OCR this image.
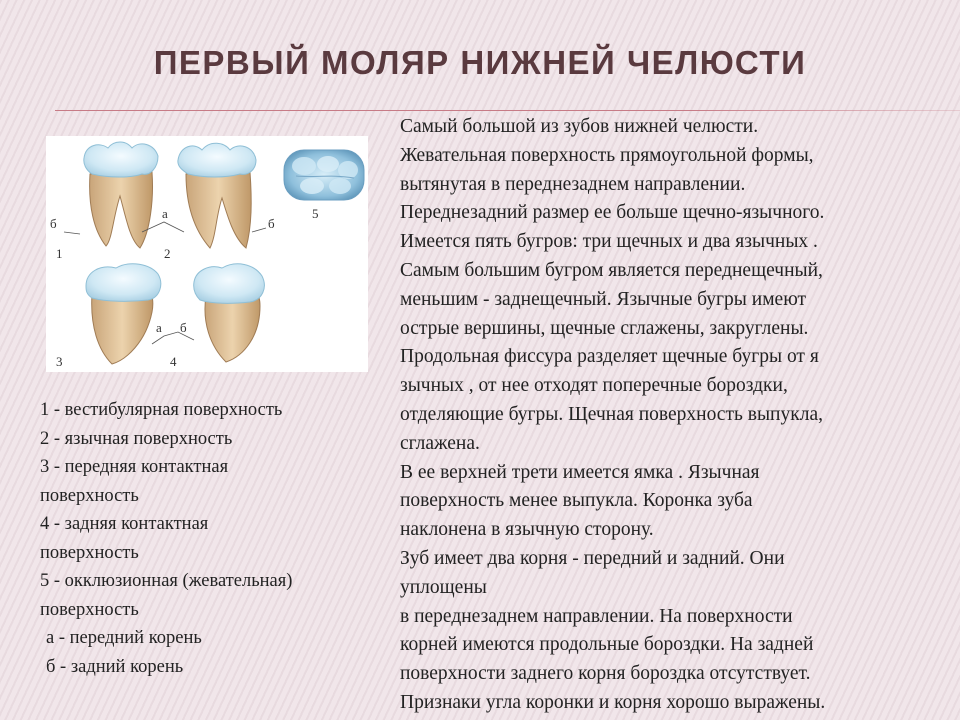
ПЕРВЫЙ МОЛЯР НИЖНЕЙ ЧЕЛЮСТИ
1	2
5
3	4
а
б	б
а б
1 - вестибулярная поверхность
2 - язычная поверхность
3 - передняя контактная
поверхность
4 - задняя контактная
поверхность
5 - окклюзионная (жевательная)
поверхность
а - передний корень
б - задний корень
Самый большой из зубов нижней челюсти.
Жевательная поверхность прямоугольной формы,
вытянутая в переднезаднем направлении.
Переднезадний размер ее больше щечно-язычного.
Имеется пять бугров: три щечных и два язычных .
Самым большим бугром является переднещечный,
меньшим - заднещечный. Язычные бугры имеют
острые вершины, щечные сглажены, закруглены.
Продольная фиссура разделяет щечные бугры от я
зычных , от нее отходят поперечные бороздки,
отделяющие бугры. Щечная поверхность выпукла,
сглажена.
В ее верхней трети имеется ямка . Язычная
поверхность менее выпукла. Коронка зуба
наклонена в язычную сторону.
Зуб имеет два корня - передний и задний. Они
уплощены
в переднезаднем направлении. На поверхности
корней имеются продольные бороздки. На задней
поверхности заднего корня бороздка отсутствует.
Признаки угла коронки и корня хорошо выражены.
